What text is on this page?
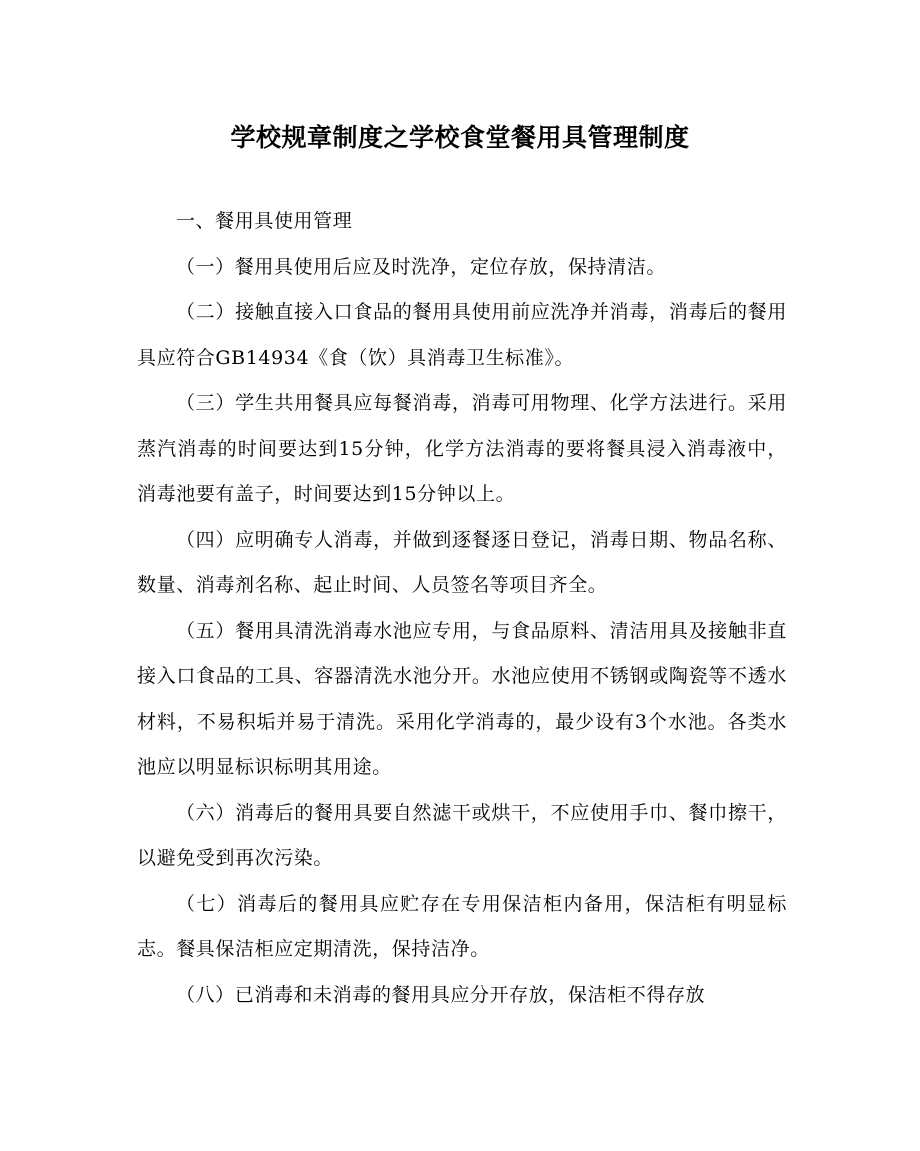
学校规章制度之学校食堂餐用具管理制度

一、餐用具使用管理

（一）餐用具使用后应及时洗净，定位存放，保持清洁。

（二）接触直接入口食品的餐用具使用前应洗净并消毒，消毒后的餐用具应符合GB14934《食（饮）具消毒卫生标准》。

（三）学生共用餐具应每餐消毒，消毒可用物理、化学方法进行。采用蒸汽消毒的时间要达到15分钟，化学方法消毒的要将餐具浸入消毒液中，消毒池要有盖子，时间要达到15分钟以上。

（四）应明确专人消毒，并做到逐餐逐日登记，消毒日期、物品名称、数量、消毒剂名称、起止时间、人员签名等项目齐全。

（五）餐用具清洗消毒水池应专用，与食品原料、清洁用具及接触非直接入口食品的工具、容器清洗水池分开。水池应使用不锈钢或陶瓷等不透水材料，不易积垢并易于清洗。采用化学消毒的，最少设有3个水池。各类水池应以明显标识标明其用途。

（六）消毒后的餐用具要自然滤干或烘干，不应使用手巾、餐巾擦干，以避免受到再次污染。

（七）消毒后的餐用具应贮存在专用保洁柜内备用，保洁柜有明显标志。餐具保洁柜应定期清洗，保持洁净。

（八）已消毒和未消毒的餐用具应分开存放，保洁柜不得存放
